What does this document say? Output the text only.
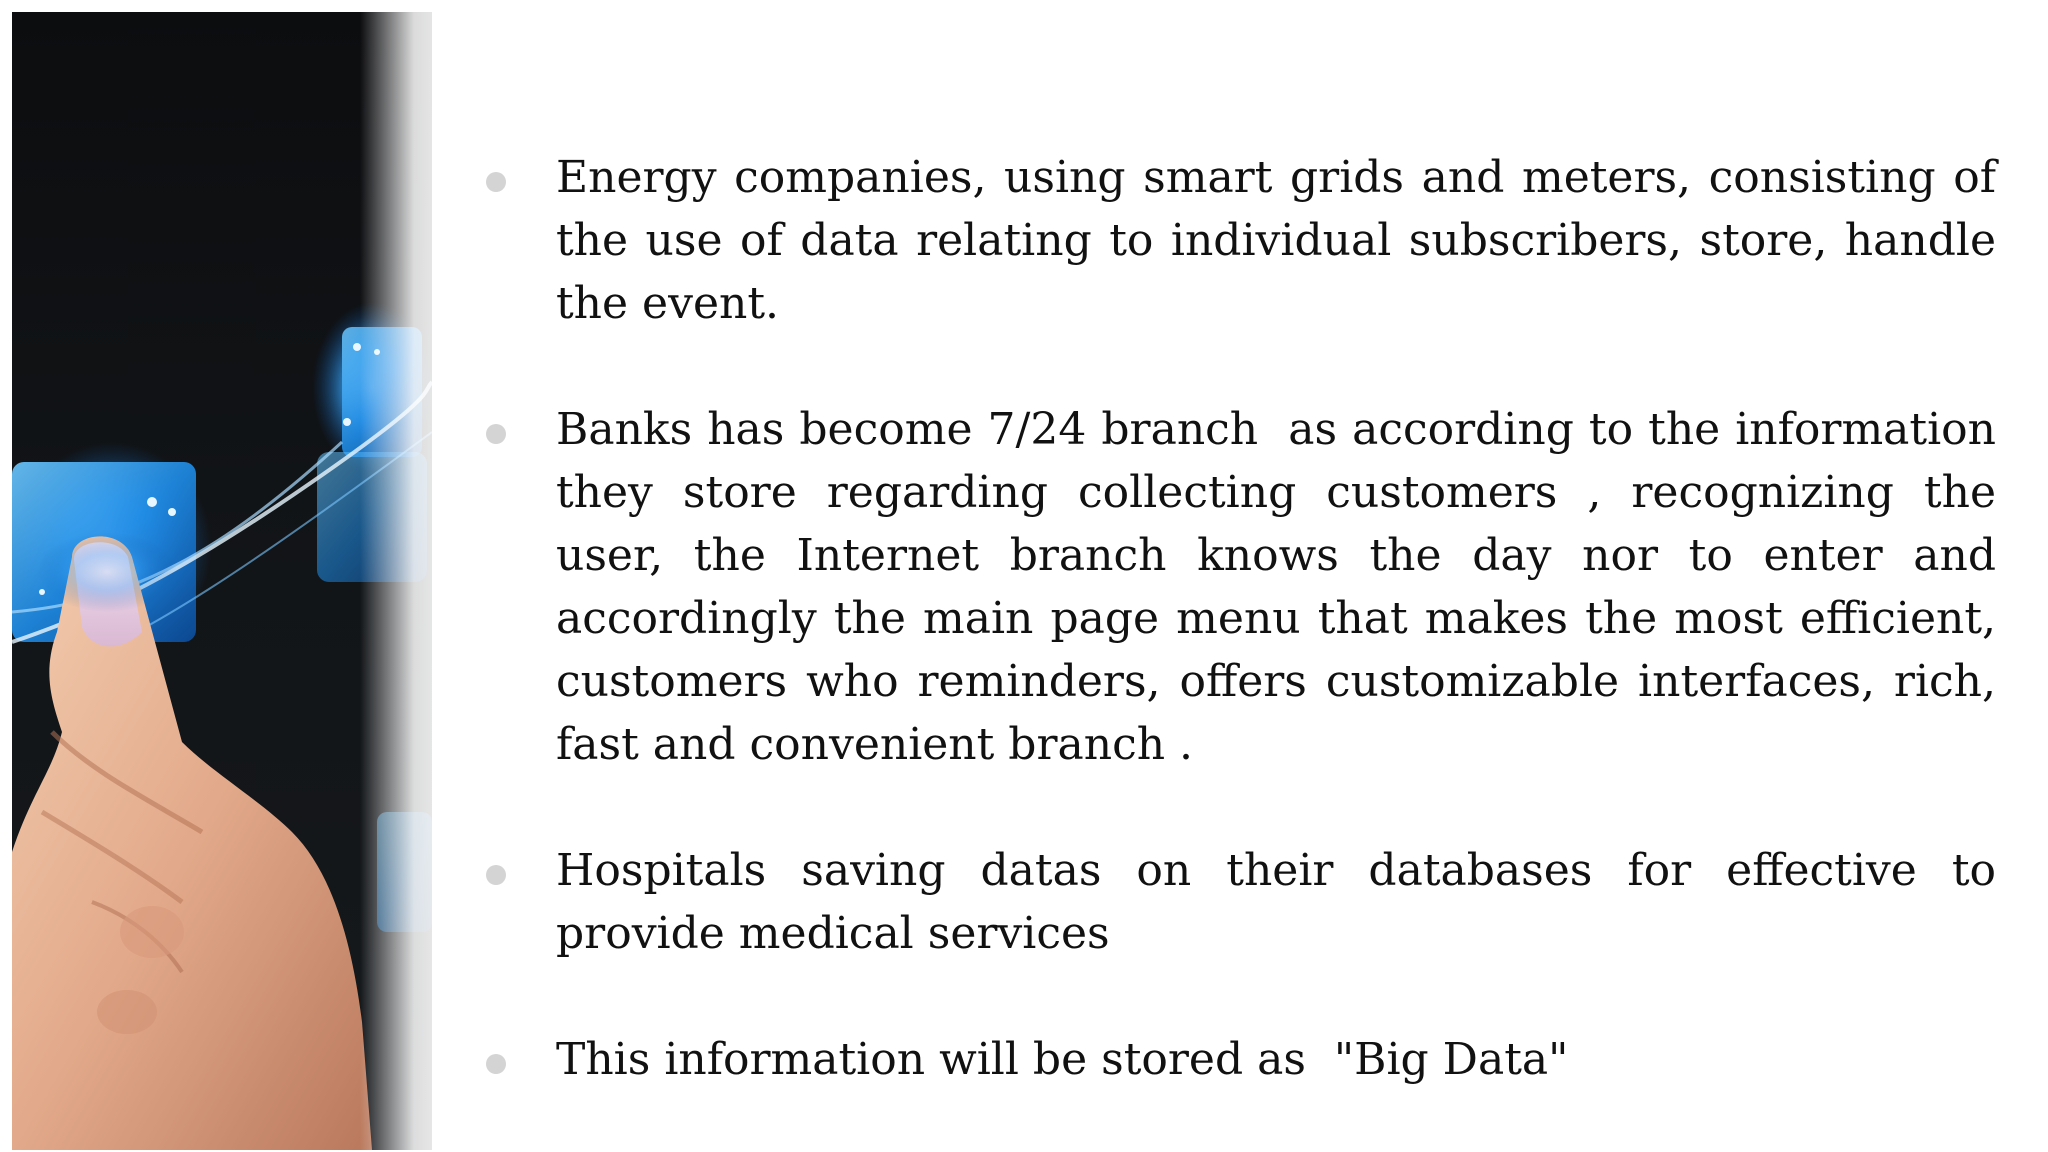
Energy companies, using smart grids and meters, consisting of the use of data relating to individual subscribers, store, handle the event.
Banks has become 7/24 branch  as according to the information they store regarding collecting customers , recognizing the user, the Internet branch knows the day nor to enter and accordingly the main page menu that makes the most efficient, customers who reminders, offers customizable interfaces, rich, fast and convenient branch .
Hospitals saving datas on their databases for effective to provide medical services
This information will be stored as  "Big Data"
